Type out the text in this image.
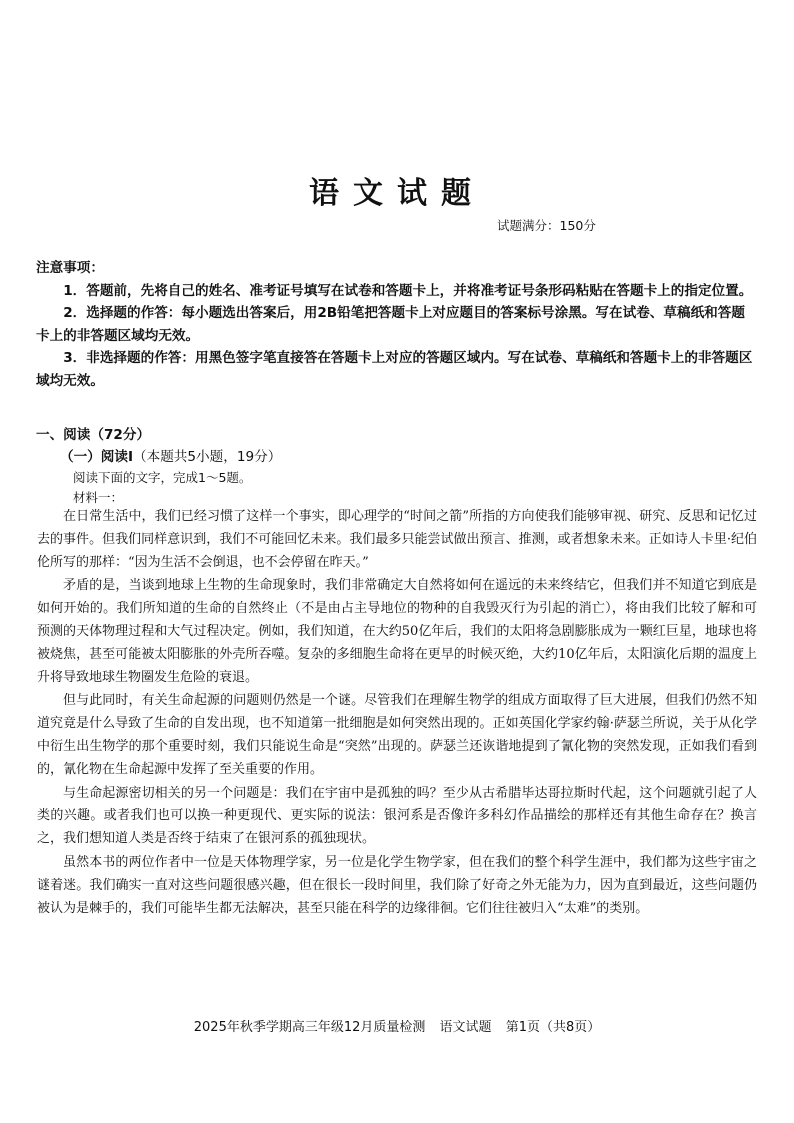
语文试题
试题满分：150分
注意事项：

1．答题前，先将自己的姓名、准考证号填写在试卷和答题卡上，并将准考证号条形码粘贴在答题卡上的指定位置。

2．选择题的作答：每小题选出答案后，用2B铅笔把答题卡上对应题目的答案标号涂黑。写在试卷、草稿纸和答题卡上的非答题区域均无效。

3．非选择题的作答：用黑色签字笔直接答在答题卡上对应的答题区域内。写在试卷、草稿纸和答题卡上的非答题区域均无效。

一、阅读（72分）
（一）阅读Ⅰ（本题共5小题，19分）
阅读下面的文字，完成1～5题。
材料一：

在日常生活中，我们已经习惯了这样一个事实，即心理学的“时间之箭”所指的方向使我们能够审视、研究、反思和记忆过去的事件。但我们同样意识到，我们不可能回忆未来。我们最多只能尝试做出预言、推测，或者想象未来。正如诗人卡里·纪伯伦所写的那样：“因为生活不会倒退，也不会停留在昨天。”

矛盾的是，当谈到地球上生物的生命现象时，我们非常确定大自然将如何在遥远的未来终结它，但我们并不知道它到底是如何开始的。我们所知道的生命的自然终止（不是由占主导地位的物种的自我毁灭行为引起的消亡），将由我们比较了解和可预测的天体物理过程和大气过程决定。例如，我们知道，在大约50亿年后，我们的太阳将急剧膨胀成为一颗红巨星，地球也将被烧焦，甚至可能被太阳膨胀的外壳所吞噬。复杂的多细胞生命将在更早的时候灭绝，大约10亿年后，太阳演化后期的温度上升将导致地球生物圈发生危险的衰退。

但与此同时，有关生命起源的问题则仍然是一个谜。尽管我们在理解生物学的组成方面取得了巨大进展，但我们仍然不知道究竟是什么导致了生命的自发出现，也不知道第一批细胞是如何突然出现的。正如英国化学家约翰·萨瑟兰所说，关于从化学中衍生出生物学的那个重要时刻，我们只能说生命是“突然”出现的。萨瑟兰还诙谐地提到了氰化物的突然发现，正如我们看到的，氰化物在生命起源中发挥了至关重要的作用。

与生命起源密切相关的另一个问题是：我们在宇宙中是孤独的吗？至少从古希腊毕达哥拉斯时代起，这个问题就引起了人类的兴趣。或者我们也可以换一种更现代、更实际的说法：银河系是否像许多科幻作品描绘的那样还有其他生命存在？换言之，我们想知道人类是否终于结束了在银河系的孤独现状。

虽然本书的两位作者中一位是天体物理学家，另一位是化学生物学家，但在我们的整个科学生涯中，我们都为这些宇宙之谜着迷。我们确实一直对这些问题很感兴趣，但在很长一段时间里，我们除了好奇之外无能为力，因为直到最近，这些问题仍被认为是棘手的，我们可能毕生都无法解决，甚至只能在科学的边缘徘徊。它们往往被归入“太难”的类别。

2025年秋季学期高三年级12月质量检测 语文试题 第1页（共8页）
